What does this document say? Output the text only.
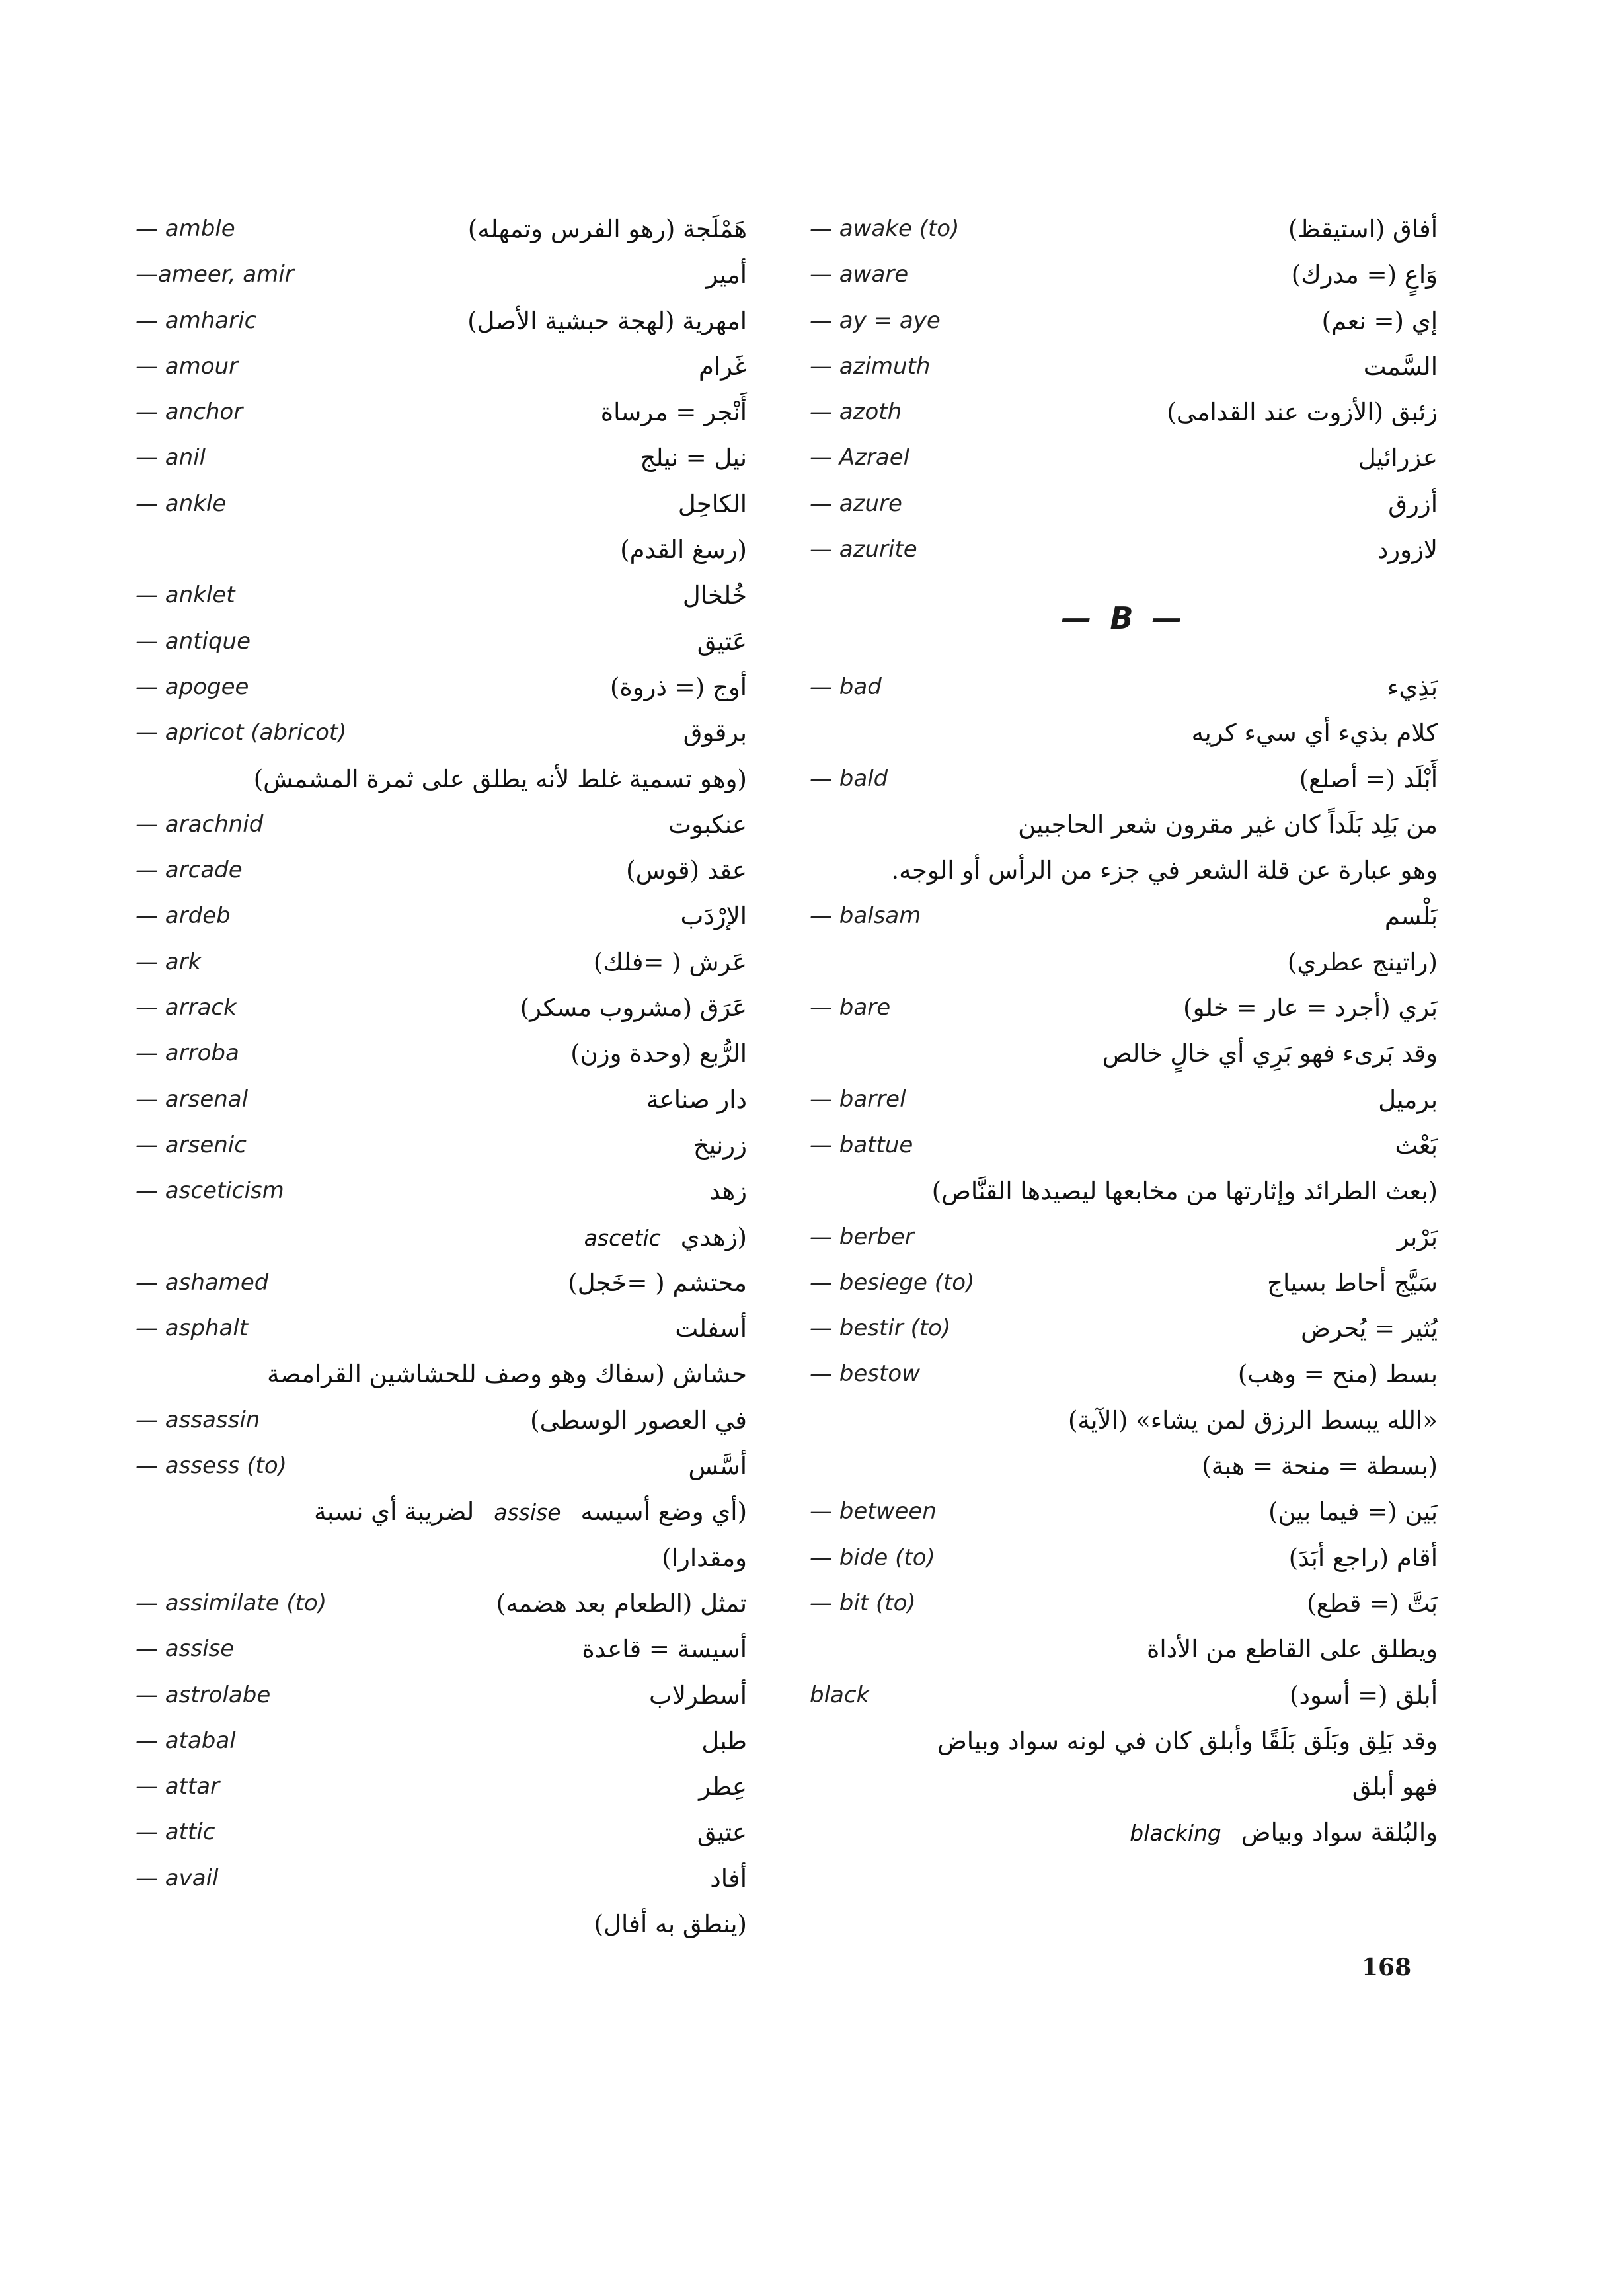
— amble	هَمْلَجة (رهو الفرس وتمهله)
—ameer, amir	أمير
— amharic	امهرية (لهجة حبشية الأصل)
— amour	غَرام
— anchor	أَنْجر = مرساة
— anil	نيل = نيلج
— ankle	الكاحِل
(رسغ القدم)
— anklet	خُلخال
— antique	عَتيق
— apogee	أوج (= ذروة)
— apricot (abricot)	برقوق
(وهو تسمية غلط لأنه يطلق على ثمرة المشمش)
— arachnid	عنكبوت
— arcade	عقد (قوس)
— ardeb	الإرْدَب
— ark	عَرش ( =فلك)
— arrack	عَرَق (مشروب مسكر)
— arroba	الرُّبع (وحدة وزن)
— arsenal	دار صناعة
— arsenic	زرنيخ
— asceticism	زهد
(زهديascetic
— ashamed	محتشم ( =خَجل)
— asphalt	أسفلت
حشاش (سفاك وهو وصف للحشاشين القرامصة
— assassin	في العصور الوسطى)
— assess (to)	أسَّس
(أي وضع أسيسهassiseلضريبة أي نسبة
ومقدارا)
— assimilate (to)	تمثل (الطعام بعد هضمه)
— assise	أسيسة = قاعدة
— astrolabe	أسطرلاب
— atabal	طبل
— attar	عِطر
— attic	عتيق
— avail	أفاد
(ينطق به أفال)
— awake (to)	أفاق (استيقظ)
— aware	وَاعٍ (= مدرك)
— ay = aye	إي (= نعم)
— azimuth	السَّمت
— azoth	زئبق (الأزوت عند القدامى)
— Azrael	عزرائيل
— azure	أزرق
— azurite	لازورد
— B —
— bad	بَذِيء
كلام بذيء أي سيء كريه
— bald	أَبْلَد (= أصلع)
من بَلِد بَلَداً كان غير مقرون شعر الحاجبين
وهو عبارة عن قلة الشعر في جزء من الرأس أو الوجه.
— balsam	بَلْسم
(راتينج عطري)
— bare	بَري (أجرد = عار = خلو)
وقد بَرىء فهو بَرِي أي خالٍ خالص
— barrel	برميل
— battue	بَعْث
(بعث الطرائد وإثارتها من مخابعها ليصيدها القنَّاص)
— berber	بَرْبر
— besiege (to)	سَيَّج أحاط بسياج
— bestir (to)	يُثير = يُحرض
— bestow	بسط (منح = وهب)
«الله يبسط الرزق لمن يشاء» (الآية)
(بسطة = منحة = هبة)
— between	بَين (= فيما بين)
— bide (to)	أقام (راجع أبَدَ)
— bit (to)	بَتَّ (= قطع)
ويطلق على القاطع من الأداة
black	أبلق (= أسود)
وقد بَلِق وبَلَق بَلَقًا وأبلق كان في لونه سواد وبياض
فهو أبلق
والبُلقة سواد وبياضblacking
168
